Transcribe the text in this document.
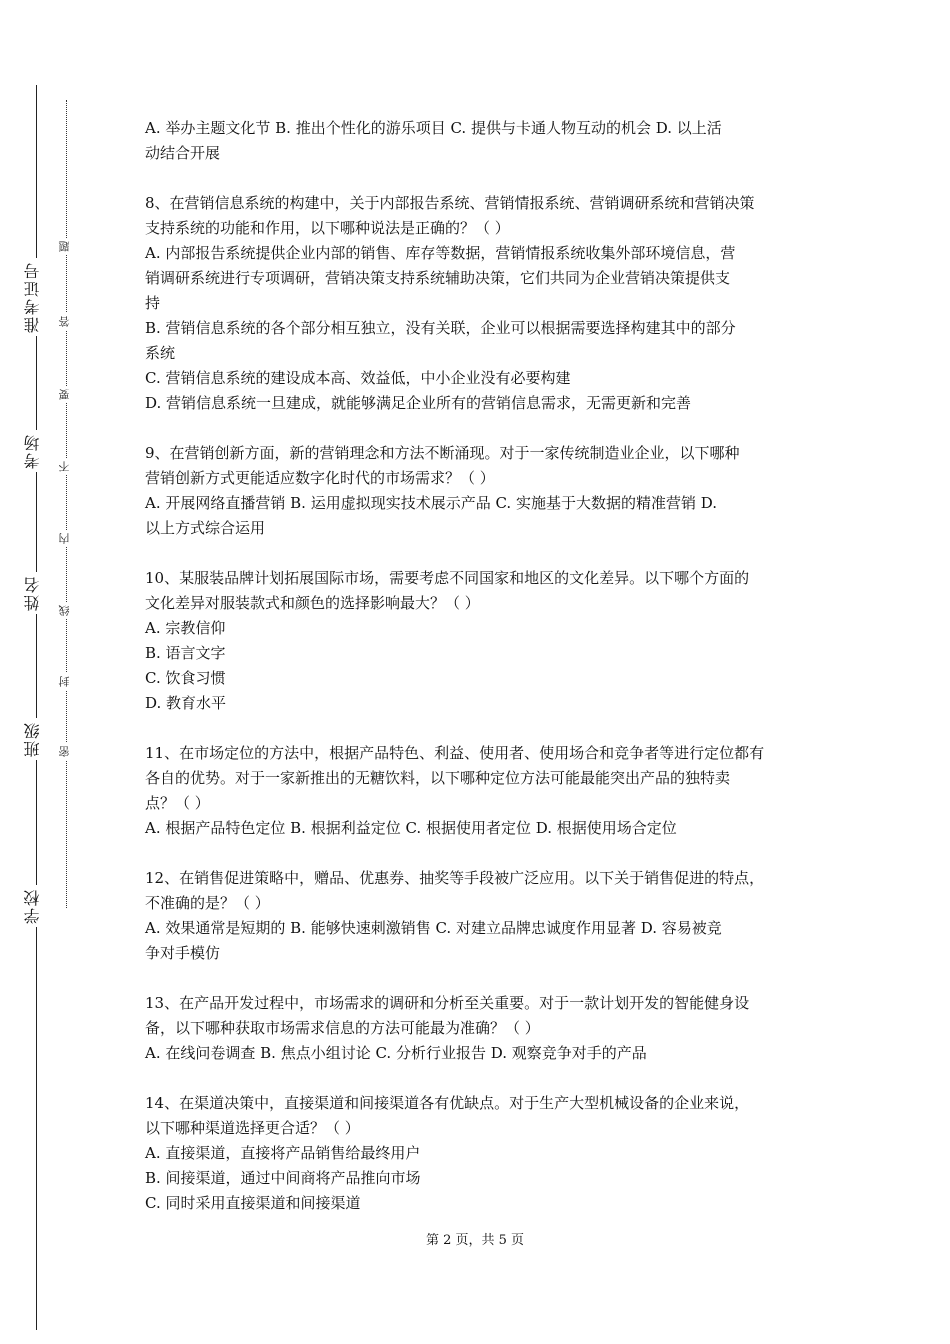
准考证号
考场
姓名
班级
学校
题
答
要
不
内
线
封
密
A. 举办主题文化节 B. 推出个性化的游乐项目 C. 提供与卡通人物互动的机会 D. 以上活
动结合开展
8、在营销信息系统的构建中，关于内部报告系统、营销情报系统、营销调研系统和营销决策
支持系统的功能和作用，以下哪种说法是正确的？（ ）
A. 内部报告系统提供企业内部的销售、库存等数据，营销情报系统收集外部环境信息，营
销调研系统进行专项调研，营销决策支持系统辅助决策，它们共同为企业营销决策提供支
持
B. 营销信息系统的各个部分相互独立，没有关联，企业可以根据需要选择构建其中的部分
系统
C. 营销信息系统的建设成本高、效益低，中小企业没有必要构建
D. 营销信息系统一旦建成，就能够满足企业所有的营销信息需求，无需更新和完善
9、在营销创新方面，新的营销理念和方法不断涌现。对于一家传统制造业企业，以下哪种
营销创新方式更能适应数字化时代的市场需求？（ ）
A. 开展网络直播营销 B. 运用虚拟现实技术展示产品 C. 实施基于大数据的精准营销 D.
以上方式综合运用
10、某服装品牌计划拓展国际市场，需要考虑不同国家和地区的文化差异。以下哪个方面的
文化差异对服装款式和颜色的选择影响最大？（ ）
A. 宗教信仰
B. 语言文字
C. 饮食习惯
D. 教育水平
11、在市场定位的方法中，根据产品特色、利益、使用者、使用场合和竞争者等进行定位都有
各自的优势。对于一家新推出的无糖饮料，以下哪种定位方法可能最能突出产品的独特卖
点？（ ）
A. 根据产品特色定位 B. 根据利益定位 C. 根据使用者定位 D. 根据使用场合定位
12、在销售促进策略中，赠品、优惠券、抽奖等手段被广泛应用。以下关于销售促进的特点，
不准确的是？（ ）
A. 效果通常是短期的 B. 能够快速刺激销售 C. 对建立品牌忠诚度作用显著 D. 容易被竞
争对手模仿
13、在产品开发过程中，市场需求的调研和分析至关重要。对于一款计划开发的智能健身设
备，以下哪种获取市场需求信息的方法可能最为准确？（ ）
A. 在线问卷调查 B. 焦点小组讨论 C. 分析行业报告 D. 观察竞争对手的产品
14、在渠道决策中，直接渠道和间接渠道各有优缺点。对于生产大型机械设备的企业来说，
以下哪种渠道选择更合适？（ ）
A. 直接渠道，直接将产品销售给最终用户
B. 间接渠道，通过中间商将产品推向市场
C. 同时采用直接渠道和间接渠道
第 2 页，共 5 页
